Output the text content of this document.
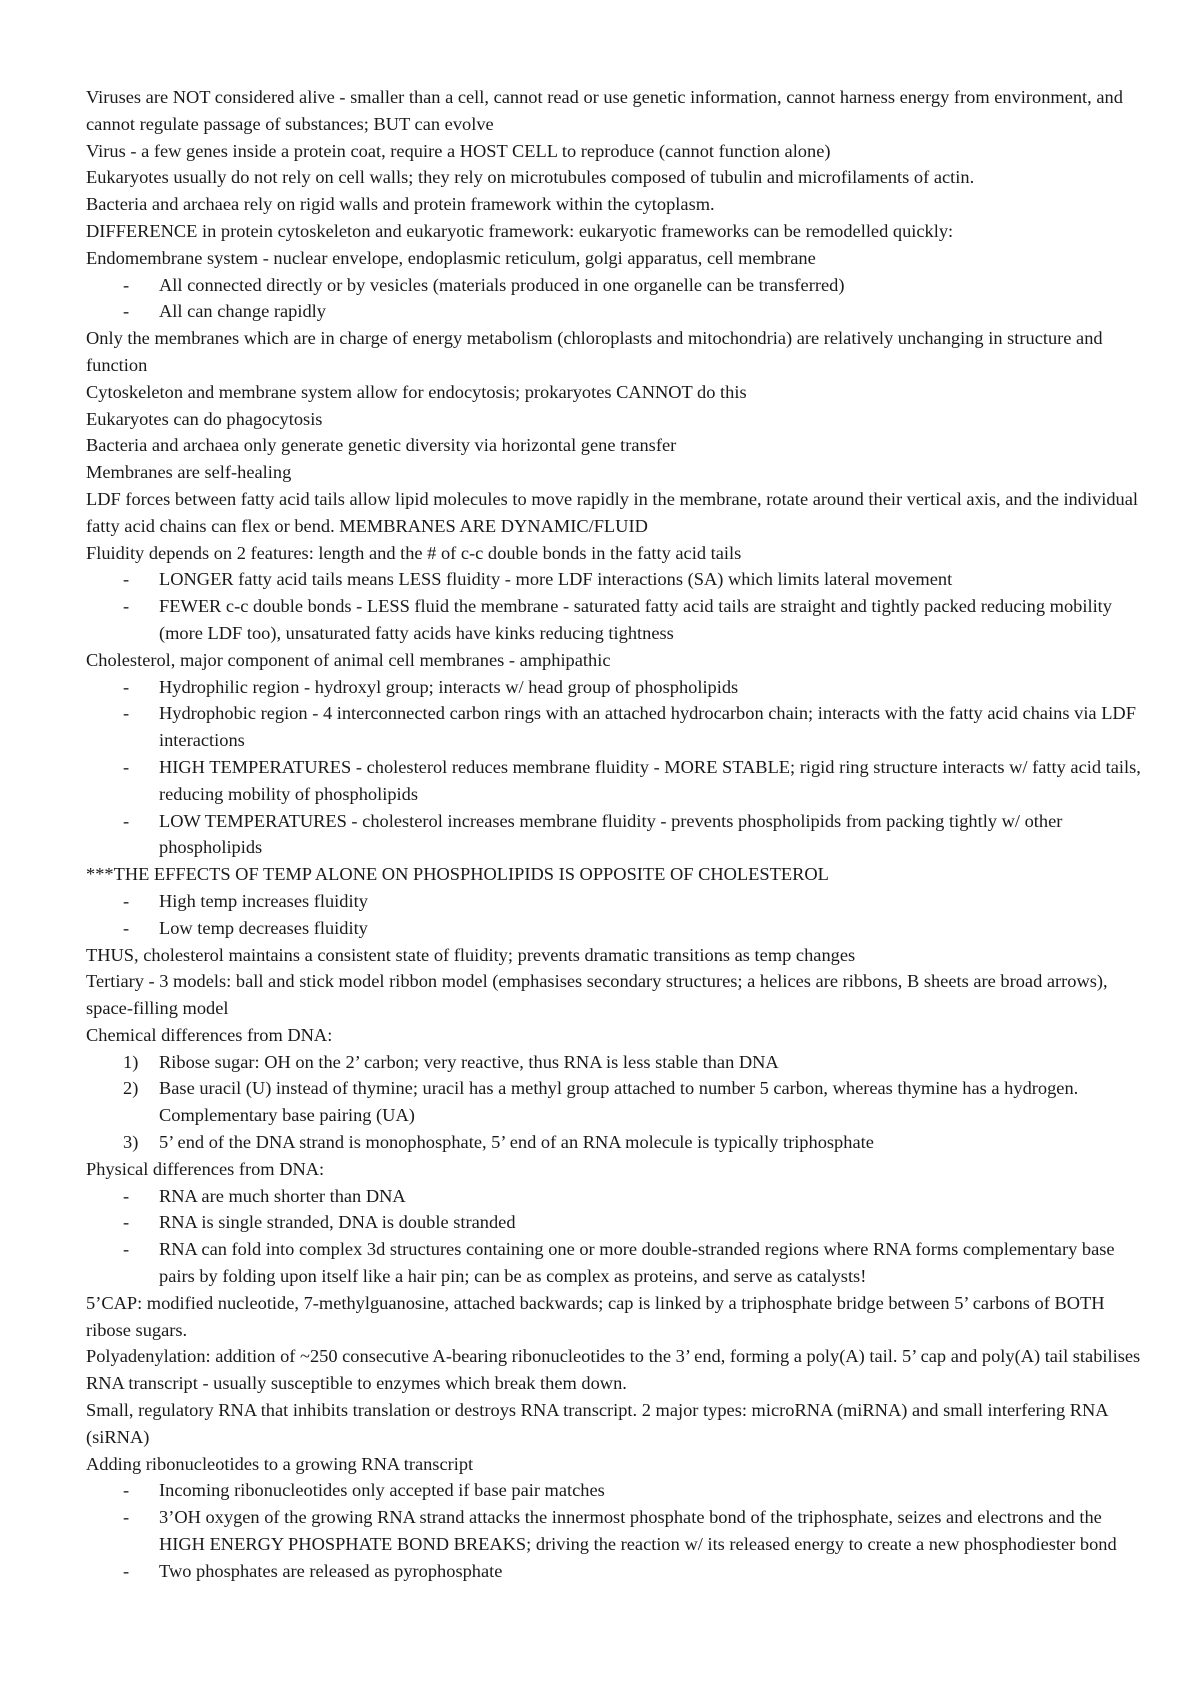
Viruses are NOT considered alive - smaller than a cell, cannot read or use genetic information, cannot harness energy from environment, and cannot regulate passage of substances; BUT can evolve
Virus - a few genes inside a protein coat, require a HOST CELL to reproduce (cannot function alone)
Eukaryotes usually do not rely on cell walls; they rely on microtubules composed of tubulin and microfilaments of actin.
Bacteria and archaea rely on rigid walls and protein framework within the cytoplasm.
DIFFERENCE in protein cytoskeleton and eukaryotic framework: eukaryotic frameworks can be remodelled quickly:
Endomembrane system - nuclear envelope, endoplasmic reticulum, golgi apparatus, cell membrane
- All connected directly or by vesicles (materials produced in one organelle can be transferred)
- All can change rapidly
Only the membranes which are in charge of energy metabolism (chloroplasts and mitochondria) are relatively unchanging in structure and function
Cytoskeleton and membrane system allow for endocytosis; prokaryotes CANNOT do this
Eukaryotes can do phagocytosis
Bacteria and archaea only generate genetic diversity via horizontal gene transfer
Membranes are self-healing
LDF forces between fatty acid tails allow lipid molecules to move rapidly in the membrane, rotate around their vertical axis, and the individual fatty acid chains can flex or bend. MEMBRANES ARE DYNAMIC/FLUID
Fluidity depends on 2 features: length and the # of c-c double bonds in the fatty acid tails
- LONGER fatty acid tails means LESS fluidity - more LDF interactions (SA) which limits lateral movement
- FEWER c-c double bonds - LESS fluid the membrane - saturated fatty acid tails are straight and tightly packed reducing mobility (more LDF too), unsaturated fatty acids have kinks reducing tightness
Cholesterol, major component of animal cell membranes - amphipathic
- Hydrophilic region - hydroxyl group; interacts w/ head group of phospholipids
- Hydrophobic region - 4 interconnected carbon rings with an attached hydrocarbon chain; interacts with the fatty acid chains via LDF interactions
- HIGH TEMPERATURES - cholesterol reduces membrane fluidity - MORE STABLE; rigid ring structure interacts w/ fatty acid tails, reducing mobility of phospholipids
- LOW TEMPERATURES - cholesterol increases membrane fluidity - prevents phospholipids from packing tightly w/ other phospholipids
***THE EFFECTS OF TEMP ALONE ON PHOSPHOLIPIDS IS OPPOSITE OF CHOLESTEROL
- High temp increases fluidity
- Low temp decreases fluidity
THUS, cholesterol maintains a consistent state of fluidity; prevents dramatic transitions as temp changes
Tertiary - 3 models: ball and stick model ribbon model (emphasises secondary structures; a helices are ribbons, B sheets are broad arrows), space-filling model
Chemical differences from DNA:
1) Ribose sugar: OH on the 2’ carbon; very reactive, thus RNA is less stable than DNA
2) Base uracil (U) instead of thymine; uracil has a methyl group attached to number 5 carbon, whereas thymine has a hydrogen. Complementary base pairing (UA)
3) 5’ end of the DNA strand is monophosphate, 5’ end of an RNA molecule is typically triphosphate
Physical differences from DNA:
- RNA are much shorter than DNA
- RNA is single stranded, DNA is double stranded
- RNA can fold into complex 3d structures containing one or more double-stranded regions where RNA forms complementary base pairs by folding upon itself like a hair pin; can be as complex as proteins, and serve as catalysts!
5’CAP: modified nucleotide, 7-methylguanosine, attached backwards; cap is linked by a triphosphate bridge between 5’ carbons of BOTH ribose sugars.
Polyadenylation: addition of ~250 consecutive A-bearing ribonucleotides to the 3’ end, forming a poly(A) tail. 5’ cap and poly(A) tail stabilises RNA transcript - usually susceptible to enzymes which break them down.
Small, regulatory RNA that inhibits translation or destroys RNA transcript. 2 major types: microRNA (miRNA) and small interfering RNA (siRNA)
Adding ribonucleotides to a growing RNA transcript
- Incoming ribonucleotides only accepted if base pair matches
- 3’OH oxygen of the growing RNA strand attacks the innermost phosphate bond of the triphosphate, seizes and electrons and the HIGH ENERGY PHOSPHATE BOND BREAKS; driving the reaction w/ its released energy to create a new phosphodiester bond
- Two phosphates are released as pyrophosphate
